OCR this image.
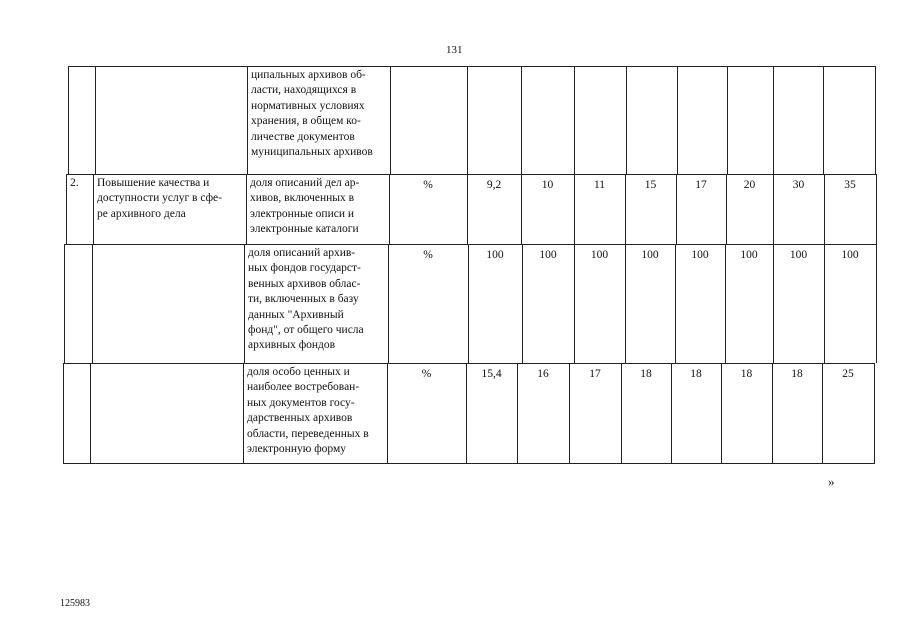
131
ципальных архивов об-
ласти, находящихся в
нормативных условиях
хранения, в общем ко-
личестве документов
муниципальных архивов
2.	Повышение качества и
доступности услуг в сфе-
ре архивного дела
доля описаний дел ар-
хивов, включенных в
электронные описи и
электронные каталоги
%	9,2	10	11	15	17	20	30	35
доля описаний архив-
ных фондов государст-
венных архивов облас-
ти, включенных в базу
данных "Архивный
фонд", от общего числа
архивных фондов
%	100	100	100	100	100	100	100	100
доля особо ценных и
наиболее востребован-
ных документов госу-
дарственных архивов
области, переведенных в
электронную форму
%	15,4	16	17	18	18	18	18	25
»
125983
